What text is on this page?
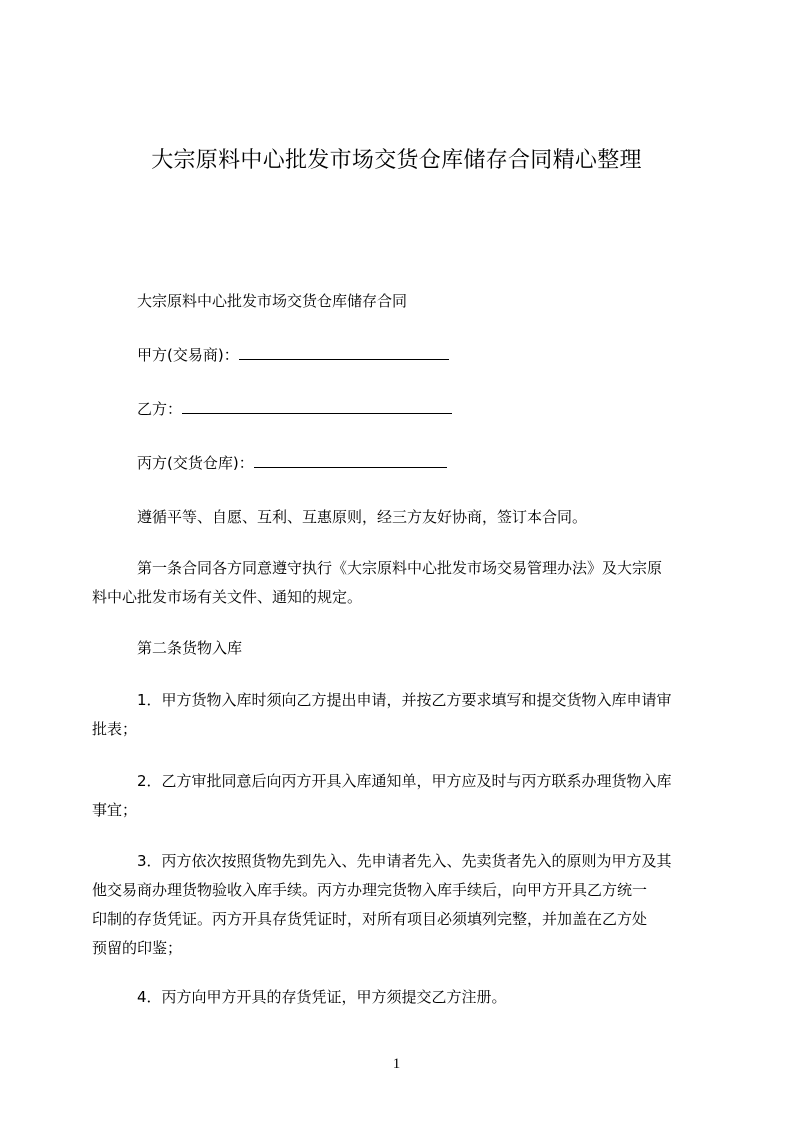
大宗原料中心批发市场交货仓库储存合同精心整理
大宗原料中心批发市场交货仓库储存合同
甲方(交易商)：
乙方：
丙方(交货仓库)：
遵循平等、自愿、互利、互惠原则，经三方友好协商，签订本合同。
第一条合同各方同意遵守执行《大宗原料中心批发市场交易管理办法》及大宗原
料中心批发市场有关文件、通知的规定。
第二条货物入库
1．甲方货物入库时须向乙方提出申请，并按乙方要求填写和提交货物入库申请审
批表；
2．乙方审批同意后向丙方开具入库通知单，甲方应及时与丙方联系办理货物入库
事宜；
3．丙方依次按照货物先到先入、先申请者先入、先卖货者先入的原则为甲方及其
他交易商办理货物验收入库手续。丙方办理完货物入库手续后，向甲方开具乙方统一
印制的存货凭证。丙方开具存货凭证时，对所有项目必须填列完整，并加盖在乙方处
预留的印鉴；
4．丙方向甲方开具的存货凭证，甲方须提交乙方注册。
1
